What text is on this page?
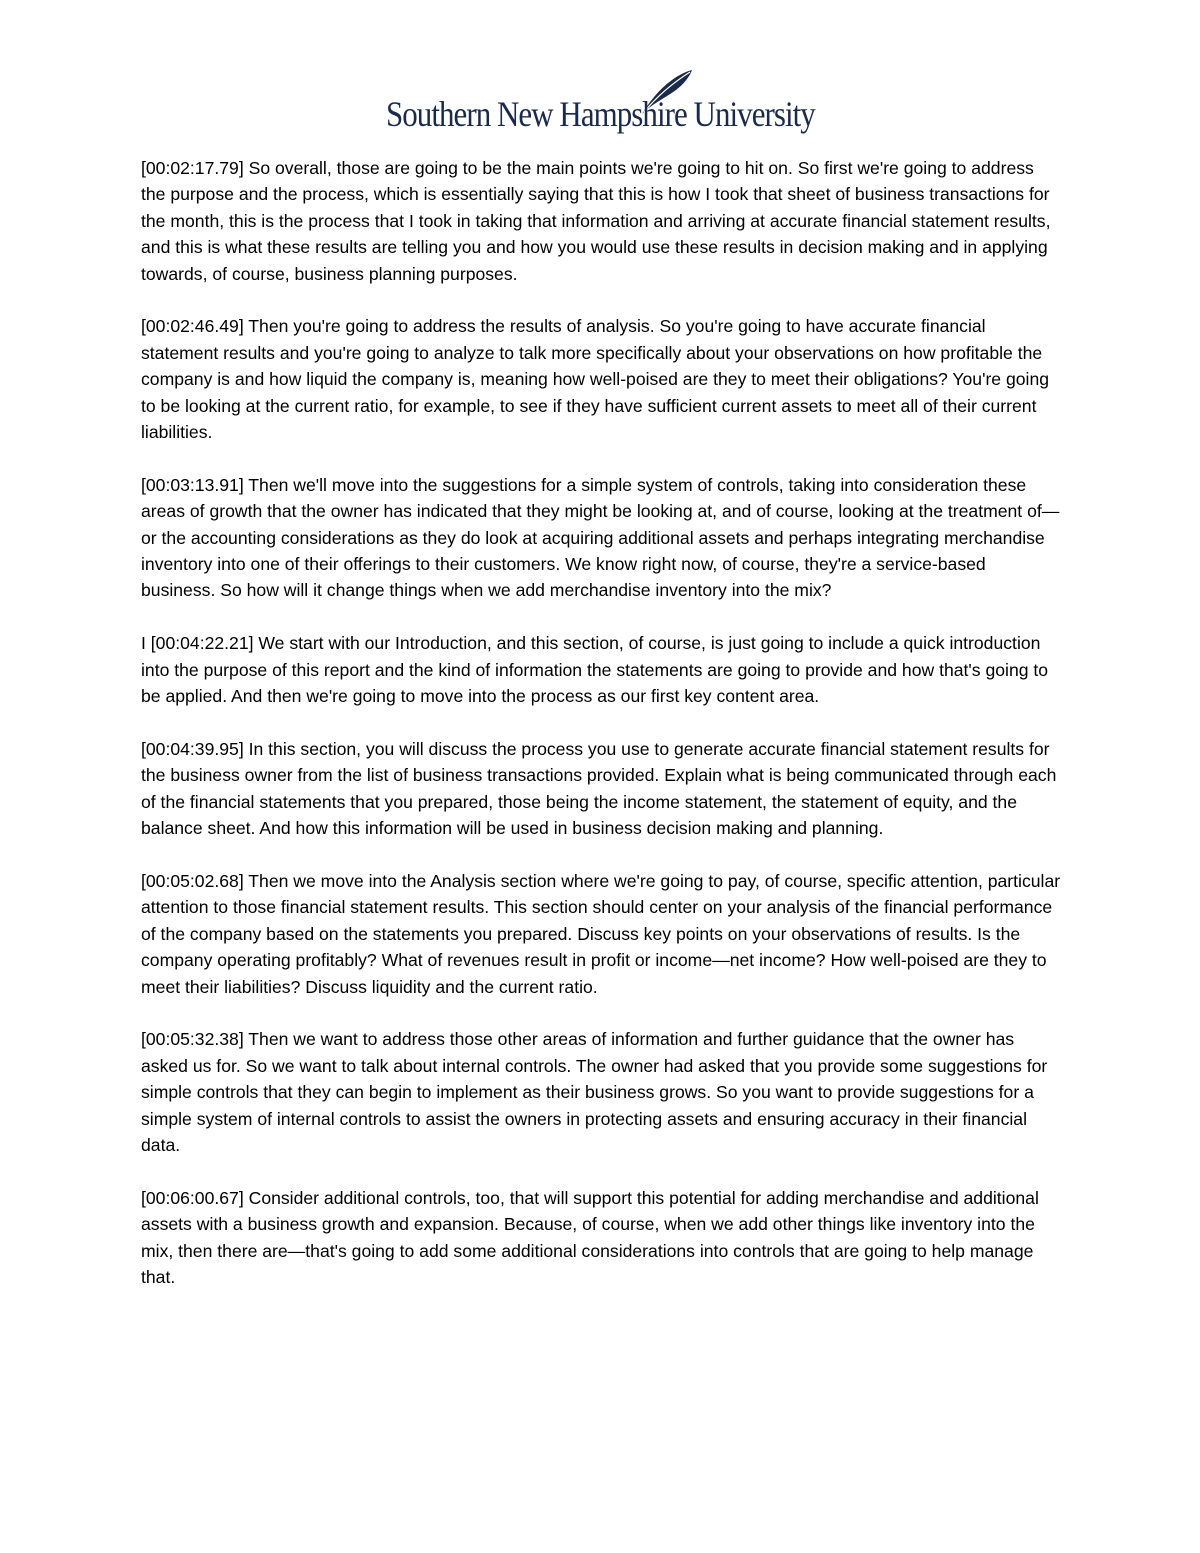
Southern New Hampshire University

[00:02:17.79] So overall, those are going to be the main points we're going to hit on. So first we're going to address the purpose and the process, which is essentially saying that this is how I took that sheet of business transactions for the month, this is the process that I took in taking that information and arriving at accurate financial statement results, and this is what these results are telling you and how you would use these results in decision making and in applying towards, of course, business planning purposes.

[00:02:46.49] Then you're going to address the results of analysis. So you're going to have accurate financial statement results and you're going to analyze to talk more specifically about your observations on how profitable the company is and how liquid the company is, meaning how well-poised are they to meet their obligations? You're going to be looking at the current ratio, for example, to see if they have sufficient current assets to meet all of their current liabilities.

[00:03:13.91] Then we'll move into the suggestions for a simple system of controls, taking into consideration these areas of growth that the owner has indicated that they might be looking at, and of course, looking at the treatment of—or the accounting considerations as they do look at acquiring additional assets and perhaps integrating merchandise inventory into one of their offerings to their customers. We know right now, of course, they're a service-based business. So how will it change things when we add merchandise inventory into the mix?

I [00:04:22.21] We start with our Introduction, and this section, of course, is just going to include a quick introduction into the purpose of this report and the kind of information the statements are going to provide and how that's going to be applied. And then we're going to move into the process as our first key content area.

[00:04:39.95] In this section, you will discuss the process you use to generate accurate financial statement results for the business owner from the list of business transactions provided. Explain what is being communicated through each of the financial statements that you prepared, those being the income statement, the statement of equity, and the balance sheet. And how this information will be used in business decision making and planning.

[00:05:02.68] Then we move into the Analysis section where we're going to pay, of course, specific attention, particular attention to those financial statement results. This section should center on your analysis of the financial performance of the company based on the statements you prepared. Discuss key points on your observations of results. Is the company operating profitably? What of revenues result in profit or income—net income? How well-poised are they to meet their liabilities? Discuss liquidity and the current ratio.

[00:05:32.38] Then we want to address those other areas of information and further guidance that the owner has asked us for. So we want to talk about internal controls. The owner had asked that you provide some suggestions for simple controls that they can begin to implement as their business grows. So you want to provide suggestions for a simple system of internal controls to assist the owners in protecting assets and ensuring accuracy in their financial data.

[00:06:00.67] Consider additional controls, too, that will support this potential for adding merchandise and additional assets with a business growth and expansion. Because, of course, when we add other things like inventory into the mix, then there are—that's going to add some additional considerations into controls that are going to help manage that.
